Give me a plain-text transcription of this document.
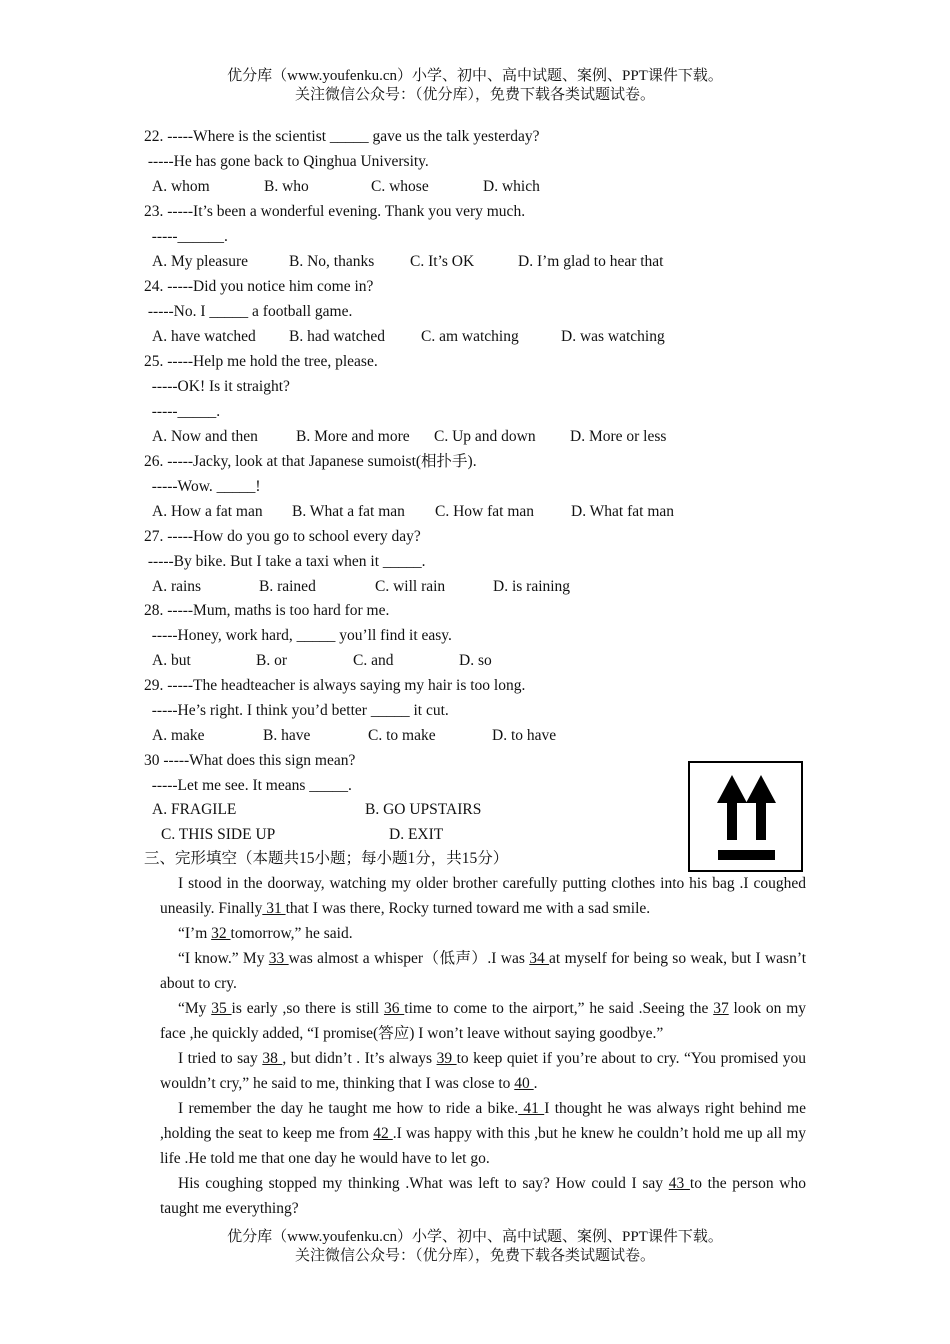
优分库（www.youfenku.cn）小学、初中、高中试题、案例、PPT课件下载。
关注微信公众号：（优分库），免费下载各类试题试卷。
22. -----Where is the scientist _____ gave us the talk yesterday?
-----He has gone back to Qinghua University.
A. whom	B. who	C. whose	D. which
23. -----It’s been a wonderful evening. Thank you very much.
-----______.
A. My pleasure	B. No, thanks C. It’s OK	D. I’m glad to hear that
24. -----Did you notice him come in?
-----No. I _____ a football game.
A. have watched B. had watched C. am watching	D. was watching
25. -----Help me hold the tree, please.
-----OK! Is it straight?
-----_____.
A. Now and then B. More and more C. Up and down D. More or less
26. -----Jacky, look at that Japanese sumoist(相扑手).
-----Wow. _____!
A. How a fat man B. What a fat man C. How fat man D. What fat man
27. -----How do you go to school every day?
-----By bike. But I take a taxi when it _____.
A. rains	B. rained	C. will rain	D. is raining
28. -----Mum, maths is too hard for me.
-----Honey, work hard, _____ you’ll find it easy.
A. but	B. or	C. and	D. so
29. -----The headteacher is always saying my hair is too long.
-----He’s right. I think you’d better _____ it cut.
A. make	B. have	C. to make	D. to have
30 -----What does this sign mean?
-----Let me see. It means _____.
A. FRAGILE	B. GO UPSTAIRS
C. THIS SIDE UP	D. EXIT
三、完形填空（本题共15小题；每小题1分，共15分）
I stood in the doorway, watching my older brother carefully putting clothes into his bag .I coughed uneasily. Finally 31 that I was there, Rocky turned toward me with a sad smile.
“I’m 32 tomorrow,” he said.
“I know.” My 33 was almost a whisper（低声）.I was 34 at myself for being so weak, but I wasn’t about to cry.
“My 35 is early ,so there is still 36 time to come to the airport,” he said .Seeing the 37 look on my face ,he quickly added, “I promise(答应) I won’t leave without saying goodbye.”
I tried to say 38 , but didn’t . It’s always 39 to keep quiet if you’re about to cry. “You promised you wouldn’t cry,” he said to me, thinking that I was close to 40 .
I remember the day he taught me how to ride a bike. 41 I thought he was always right behind me ,holding the seat to keep me from 42 .I was happy with this ,but he knew he couldn’t hold me up all my life .He told me that one day he would have to let go.
His coughing stopped my thinking .What was left to say? How could I say 43 to the person who taught me everything?
优分库（www.youfenku.cn）小学、初中、高中试题、案例、PPT课件下载。
关注微信公众号：（优分库），免费下载各类试题试卷。
